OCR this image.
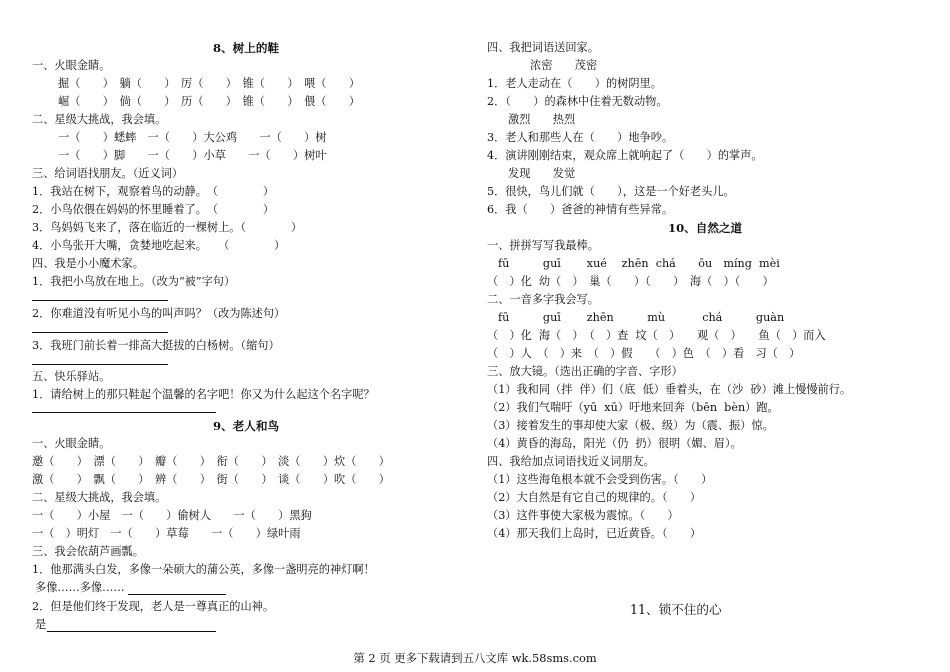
8、树上的鞋
一、火眼金睛。
掘（　　）　躺（　　）　厉（　　）　锥（　　）　喂（　　）
崛（　　）　倘（　　）　历（　　）　锥（　　）　偎（　　）
二、星级大挑战，我会填。
一（　　）蟋蟀　一（　　）大公鸡　　一（　　）树
一（　　）脚　　一（　　）小草　　一（　　）树叶
三、给词语找朋友。（近义词）
1．我站在树下，观察着鸟的动静。　（　　　　）
2．小鸟依偎在妈妈的怀里睡着了。　（　　　　）
3．鸟妈妈飞来了，落在临近的一棵树上。（　　　　）
4．小鸟张开大嘴，贪婪地吃起来。　　（　　　　）
四、我是小小魔术家。
1．我把小鸟放在地上。（改为“被”字句）
2．你难道没有听见小鸟的叫声吗？（改为陈述句）
3．我班门前长着一排高大挺拔的白杨树。（缩句）
五、快乐驿站。
1．请给树上的那只鞋起个温馨的名字吧！你又为什么起这个名字呢？
9、老人和鸟
一、火眼金睛。
邀（　　）　漂（　　）　瓣（　　）　衔（　　）　淡（　　）炊（　　）
激（　　）　飘（　　）　辨（　　）　街（　　）　谈（　　）吹（　　）
二、星级大挑战，我会填。
一（　　）小屋　一（　　）偷树人　　一（　　）黑狗
一（　）明灯　一（　　）草莓　　一（　　）绿叶雨
三、我会依葫芦画瓢。
1．他那满头白发，多像一朵硕大的蒲公英，多像一盏明亮的神灯啊！
多像……多像……
2．但是他们终于发现，老人是一尊真正的山神。
是
四、我把词语送回家。
浓密　　茂密
1．老人走动在（　　）的树阴里。
2．（　　）的森林中住着无数动物。
激烈　　热烈
3．老人和那些人在（　　）地争吵。
4．演讲刚刚结束，观众席上就响起了（　　）的掌声。
发现　　发觉
5．很快，鸟儿们就（　　），这是一个好老头儿。
6．我（　　）爸爸的神情有些异常。
10、自然之道
一、拼拼写写我最棒。
fū　　　guī　　 xué　 zhēn  chá　　ōu　míng  mèi
（　）化  幼（　）　巢（　　）（　　）　海（　）（　　）
二、一音多字我会写。
fū　　　guī　　 zhēn　　　mù　　　 chá　　　guàn
（　）化  海（　）　（　）查  坟（　）　　观（　）　　鱼（　）而入
（　）人　（　）来　（　）假　　（　）色　（　）看　习（　）
三、放大镜。（选出正确的字音、字形）
（1）我和同（拌  伴）们（底  低）垂着头，在（沙  砂）滩上慢慢前行。
（2）我们气喘吁（yū  xū）吁地来回奔（bēn  bèn）跑。
（3）接着发生的事却使大家（极、级）为（震、振）惊。
（4）黄昏的海岛，阳光（仍  扔）很明（媚、眉）。
四、我给加点词语找近义词朋友。
（1）这些海龟根本就不会受到伤害。（　　）
（2）大自然是有它自己的规律的。（　　）
（3）这件事使大家极为震惊。（　　）
（4）那天我们上岛时，已近黄昏。（　　）
11、锁不住的心
第 2 页 更多下载请到五八文库 wk.58sms.com
